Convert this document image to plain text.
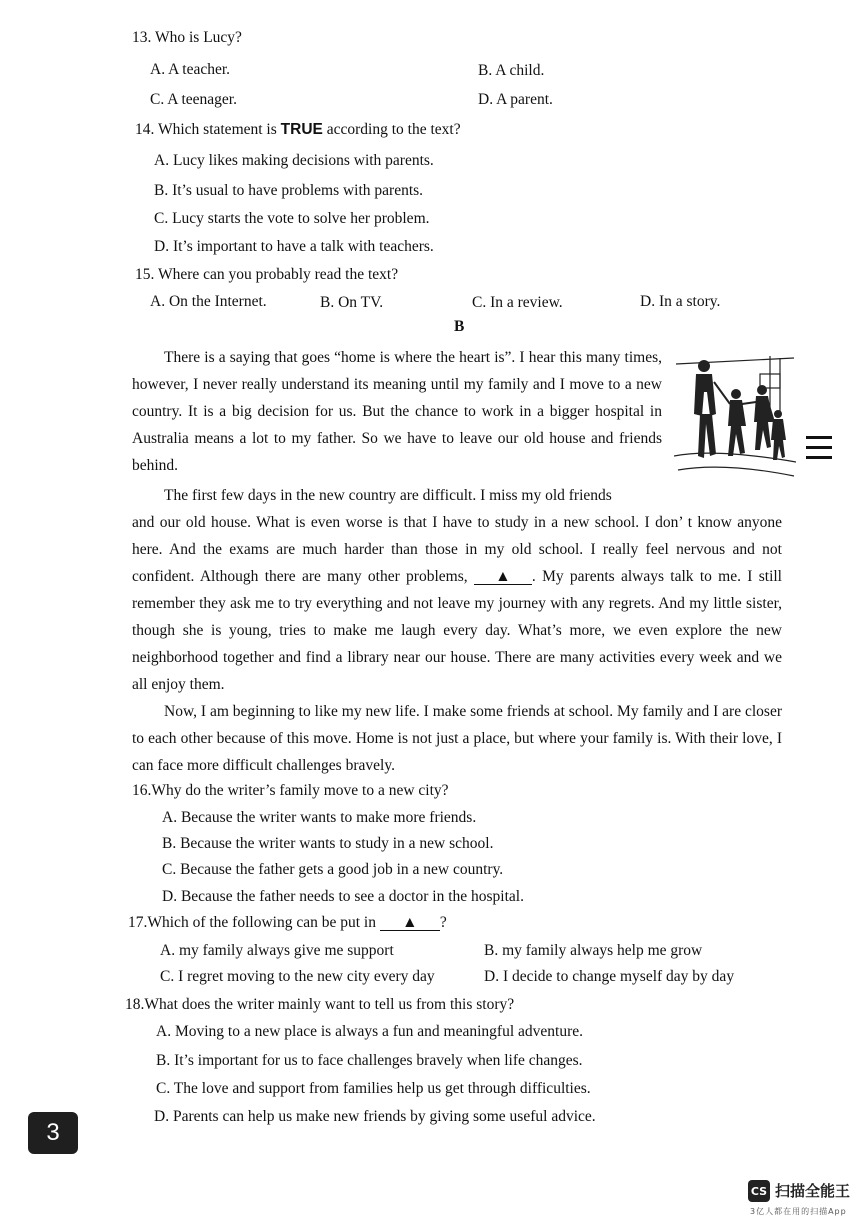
13. Who is Lucy?
A. A teacher.	B. A child.
C. A teenager.	D. A parent.
14. Which statement is TRUE according to the text?
A. Lucy likes making decisions with parents.
B. It’s usual to have problems with parents.
C. Lucy starts the vote to solve her problem.
D. It’s important to have a talk with teachers.
15. Where can you probably read the text?
A. On the Internet.	B. On TV.	C. In a review.	D. In a story.
B
There is a saying that goes “home is where the heart is”. I hear this many times, however, I never really understand its meaning until my family and I move to a new country. It is a big decision for us. But the chance to work in a bigger hospital in Australia means a lot to my father. So we have to leave our old house and friends behind.
The first few days in the new country are difficult. I miss my old friends
and our old house. What is even worse is that I have to study in a new school. I don’ t know anyone here. And the exams are much harder than those in my old school. I really feel nervous and not confident. Although there are many other problems, ▲ . My parents always talk to me. I still remember they ask me to try everything and not leave my journey with any regrets. And my little sister, though she is young, tries to make me laugh every day. What’s more, we even explore the new neighborhood together and find a library near our house. There are many activities every week and we all enjoy them.
Now, I am beginning to like my new life. I make some friends at school. My family and I are closer to each other because of this move. Home is not just a place, but where your family is. With their love, I can face more difficult challenges bravely.
16.Why do the writer’s family move to a new city?
A. Because the writer wants to make more friends.
B. Because the writer wants to study in a new school.
C. Because the father gets a good job in a new country.
D. Because the father needs to see a doctor in the hospital.
17.Which of the following can be put in ▲ ?
A. my family always give me support	B. my family always help me grow
C. I regret moving to the new city every day	D. I decide to change myself day by day
18.What does the writer mainly want to tell us from this story?
A. Moving to a new place is always a fun and meaningful adventure.
B. It’s important for us to face challenges bravely when life changes.
C. The love and support from families help us get through difficulties.
D. Parents can help us make new friends by giving some useful advice.
3
CS 扫描全能王
3亿人都在用的扫描App
